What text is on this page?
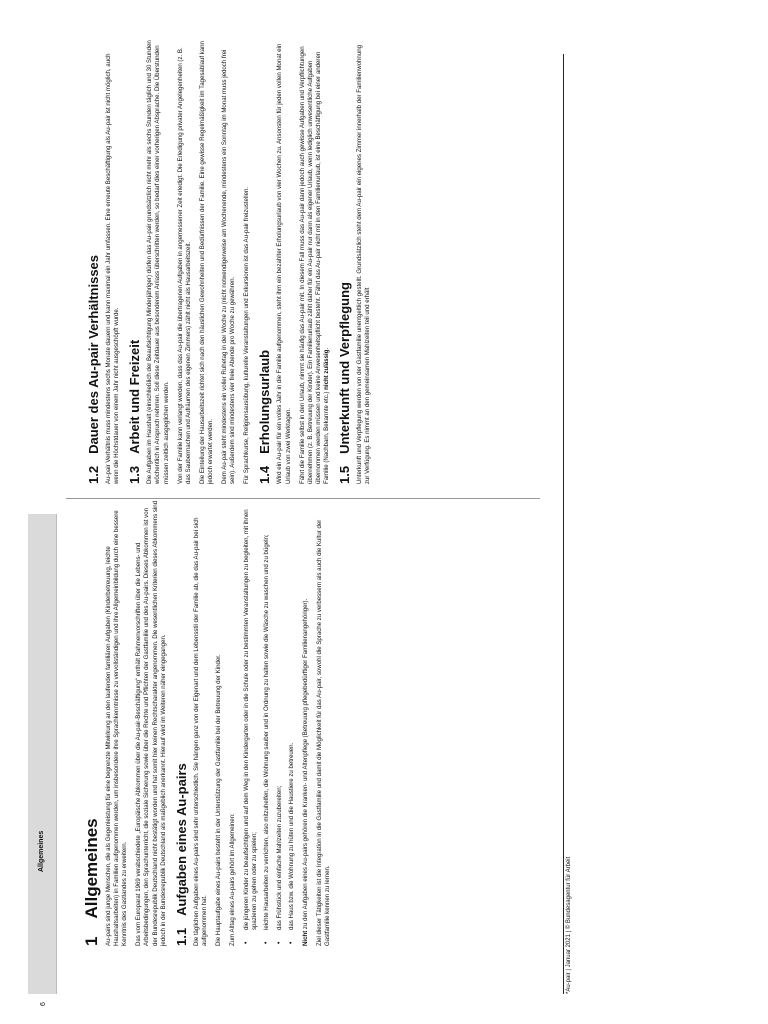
6
Allgemeines
1
Allgemeines Au-pairs sind junge Menschen, die als Gegenleistung für eine begrenzte Mitwirkung an den laufenden familiären Aufgaben (Kinderbetreuung, leichte Haushaltsarbeiten) in Familien aufgenommen werden, um insbesondere ihre Sprachkenntnisse zu vervollständigen und ihre Allgemeinbildung durch eine bessere Kenntnis des Gastlandes zu erweitern. Das vom Europarat 1969 verabschiedete „Europäische Abkommen über die Au-pair-Beschäftigung“ enthält Rahmenvorschriften über die Lebens- und Arbeitsbedingungen, den Sprachunterricht, die soziale Sicherung sowie über die Rechte und Pflichten der Gastfamilie und des Au-pairs. Dieses Abkommen ist von der Bundesrepublik Deutschland nicht bestätigt worden und hat somit hier keinen Rechtscharakter angenommen. Die wesentlichen Kriterien dieses Abkommens sind jedoch in der Bundesrepublik Deutschland als maßgeblich anerkannt. Hierauf wird im Weiteren näher eingegangen. 1.1
Aufgaben eines Au-pairs Die täglichen Aufgaben eines Au-pairs sind sehr unterschiedlich. Sie hängen ganz von der Eigenart und dem Lebensstil der Familie ab, die das Au-pair bei sich aufgenommen hat. Die Hauptaufgabe eines Au-pairs besteht in der Unterstützung der Gastfamilie bei der Betreuung der Kinder. Zum Alltag eines Au-pairs gehört im Allgemeinen: • die jüngeren Kinder zu beaufsichtigen und auf dem Weg in den Kindergarten oder in die Schule oder zu bestimmten Veranstaltungen zu begleiten, mit ihnen spazieren zu gehen oder zu spielen; • leichte Hausarbeiten zu verrichten, also mitzuhelfen, die Wohnung sauber und in Ordnung zu halten sowie die Wäsche zu waschen und zu bügeln; • das Frühstück und einfache Mahlzeiten zuzubereiten; • das Haus bzw. die Wohnung zu hüten und die Haustiere zu betreuen.

Nicht zu den Aufgaben eines Au-pairs gehören die Kranken- und Altenpflege (Betreuung pflegebedürftiger Familienangehöriger). Ziel dieser Tätigkeiten ist die Integration in die Gastfamilie und damit die Möglichkeit für das Au-pair, sowohl die Sprache zu verbessern als auch die Kultur der Gastfamilie kennen zu lernen.

1.2
Dauer des Au-pair Verhältnisses Au-pair Verhältnis muss mindestens sechs Monate dauern und kann maximal ein Jahr umfassen. Eine erneute Beschäftigung als Au-pair ist nicht möglich, auch wenn die Höchstdauer von einem Jahr nicht ausgeschöpft wurde. 1.3
Arbeit und Freizeit Die Aufgaben im Haushalt (einschließlich der Beaufsichtigung Minderjähriger) dürfen das Au-pair grundsätzlich nicht mehr als sechs Stunden täglich und 30 Stunden wöchentlich in Anspruch nehmen. Soll diese Zeitdauer aus besonderem Anlass überschritten werden, so bedarf dies einer vorherigen Absprache. Die Überstunden müssen zeitlich ausgeglichen werden. Von der Familie kann verlangt werden, dass das Au-pair die übertragenen Aufgaben in angemessener Zeit erledigt. Die Erledigung privater Angelegenheiten (z. B. das Saubermachen und Aufräumen des eigenen Zimmers) zählt nicht als Hausarbeitszeit. Die Einteilung der Hausarbeitszeit richtet sich nach den häuslichen Gewohnheiten und Bedürfnissen der Familie. Eine gewisse Regelmäßigkeit im Tagesablauf kann jedoch erwartet werden. Dem Au-pair steht mindestens ein voller Ruhetag in der Woche zu (nicht notwendigerweise am Wochenende, mindestens ein Sonntag im Monat muss jedoch frei sein). Außerdem sind mindestens vier freie Abende pro Woche zu gewähren. Für Sprachkurse, Religionsausübung, kulturelle Veranstaltungen und Exkursionen ist das Au-pair freizustellen. 1.4
Erholungsurlaub Wird ein Au-pair für ein volles Jahr in die Familie aufgenommen, steht ihm ein bezahlter Erholungsurlaub von vier Wochen zu. Ansonsten für jeden vollen Monat ein Urlaub von zwei Werktagen. Fährt die Familie selbst in den Urlaub, nimmt sie häufig das Au-pair mit. In diesem Fall muss das Au-pair dann jedoch auch gewisse Aufgaben und Verpflichtungen übernehmen (z. B. Betreuung der Kinder). Ein Familienurlaub zählt daher für ein Au-pair nur dann als eigener Urlaub, wenn lediglich unwesentliche Aufgaben übernommen werden müssen und keine Anwesenheitspflicht besteht. Fährt das Au-pair nicht mit in den Familienurlaub, ist eine Beschäftigung bei einer anderen Familie (Nachbarn, Bekannte etc.) nicht zulässig.

1.5
Unterkunft und Verpflegung Unterkunft und Verpflegung werden von der Gastfamilie unentgeltlich gestellt. Grundsätzlich steht dem Au-pair ein eigenes Zimmer innerhalb der Familienwohnung zur Verfügung. Es nimmt an den gemeinsamen Mahlzeiten teil und erhält

*Au-pair | Januar 2021 | © Bundesagentur für Arbeit
